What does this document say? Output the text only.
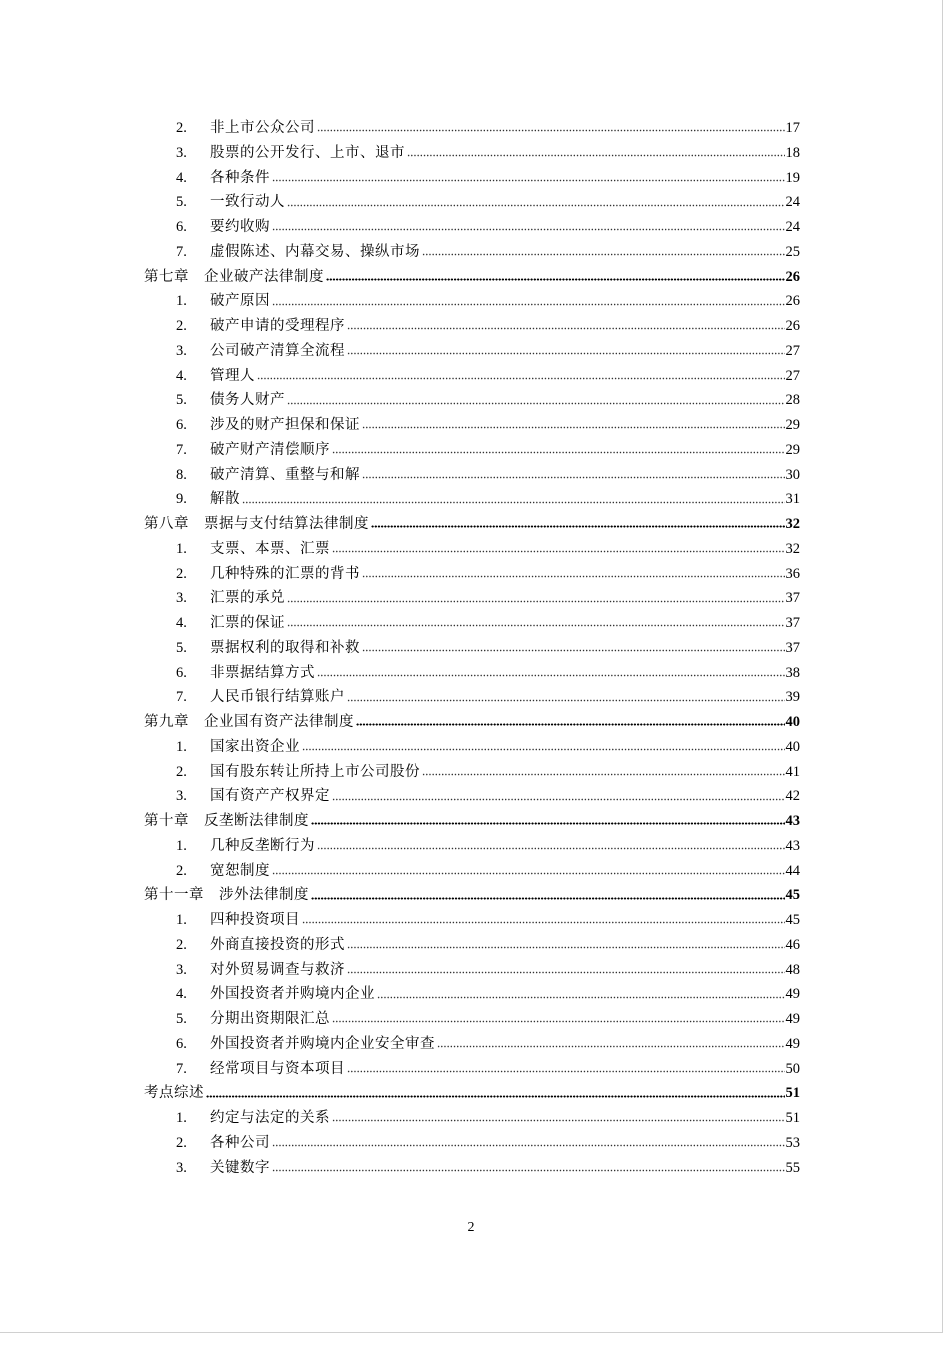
2.	非上市公众公司	17
3.	股票的公开发行、上市、退市	18
4.	各种条件	19
5.	一致行动人	24
6.	要约收购	24
7.	虚假陈述、内幕交易、操纵市场	25
第七章　企业破产法律制度	26
1.	破产原因	26
2.	破产申请的受理程序	26
3.	公司破产清算全流程	27
4.	管理人	27
5.	债务人财产	28
6.	涉及的财产担保和保证	29
7.	破产财产清偿顺序	29
8.	破产清算、重整与和解	30
9.	解散	31
第八章　票据与支付结算法律制度	32
1.	支票、本票、汇票	32
2.	几种特殊的汇票的背书	36
3.	汇票的承兑	37
4.	汇票的保证	37
5.	票据权利的取得和补救	37
6.	非票据结算方式	38
7.	人民币银行结算账户	39
第九章　企业国有资产法律制度	40
1.	国家出资企业	40
2.	国有股东转让所持上市公司股份	41
3.	国有资产产权界定	42
第十章　反垄断法律制度	43
1.	几种反垄断行为	43
2.	宽恕制度	44
第十一章　涉外法律制度	45
1.	四种投资项目	45
2.	外商直接投资的形式	46
3.	对外贸易调查与救济	48
4.	外国投资者并购境内企业	49
5.	分期出资期限汇总	49
6.	外国投资者并购境内企业安全审查	49
7.	经常项目与资本项目	50
考点综述	51
1.	约定与法定的关系	51
2.	各种公司	53
3.	关键数字	55
2
